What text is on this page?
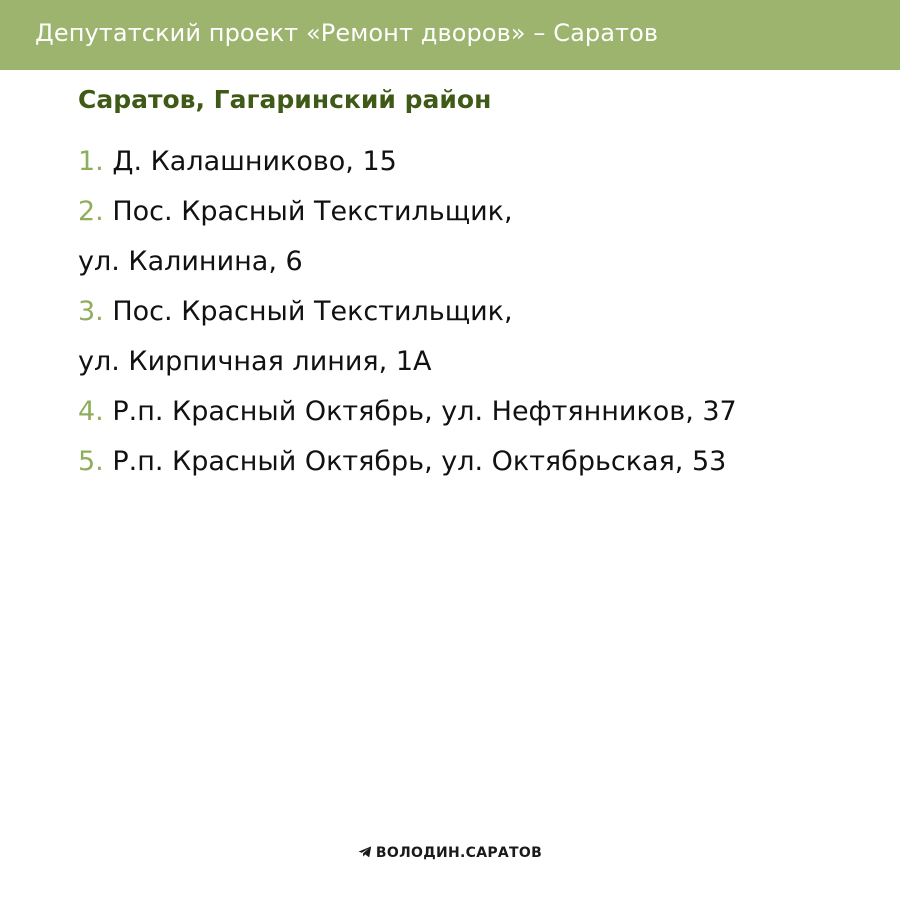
Депутатский проект «Ремонт дворов» – Саратов
Саратов, Гагаринский район
1. Д. Калашниково, 15
2. Пос. Красный Текстильщик,
ул. Калинина, 6
3. Пос. Красный Текстильщик,
ул. Кирпичная линия, 1А
4. Р.п. Красный Октябрь, ул. Нефтянников, 37
5. Р.п. Красный Октябрь, ул. Октябрьская, 53
ВОЛОДИН.САРАТОВ
